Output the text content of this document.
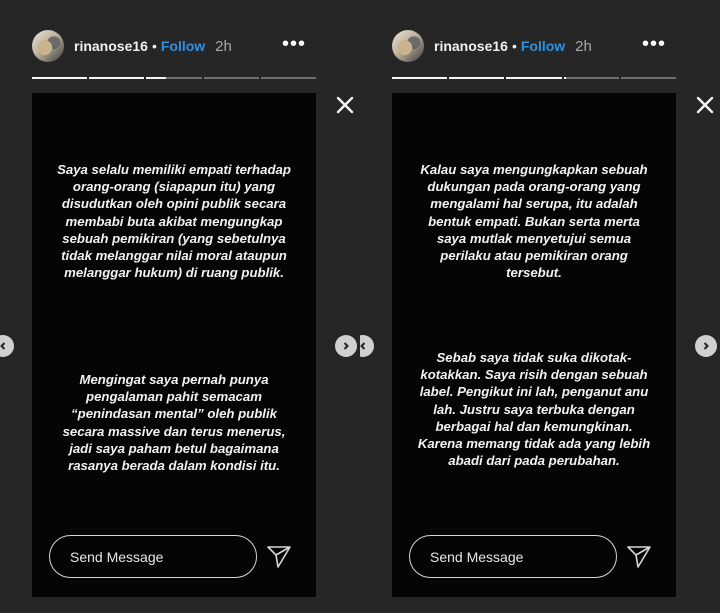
rinanose16 • Follow 2h	•••
Saya selalu memiliki empati terhadap orang-orang (siapapun itu) yang disudutkan oleh opini publik secara membabi buta akibat mengungkap sebuah pemikiran (yang sebetulnya tidak melanggar nilai moral ataupun melanggar hukum) di ruang publik.
Mengingat saya pernah punya pengalaman pahit semacam “penindasan mental” oleh publik secara massive dan terus menerus, jadi saya paham betul bagaimana rasanya berada dalam kondisi itu.
Send Message
rinanose16 • Follow 2h	•••
Kalau saya mengungkapkan sebuah dukungan pada orang-orang yang mengalami hal serupa, itu adalah bentuk empati. Bukan serta merta saya mutlak menyetujui semua perilaku atau pemikiran orang tersebut.
Sebab saya tidak suka dikotak-kotakkan. Saya risih dengan sebuah label. Pengikut ini lah, penganut anu lah. Justru saya terbuka dengan berbagai hal dan kemungkinan. Karena memang tidak ada yang lebih abadi dari pada perubahan.
Send Message
